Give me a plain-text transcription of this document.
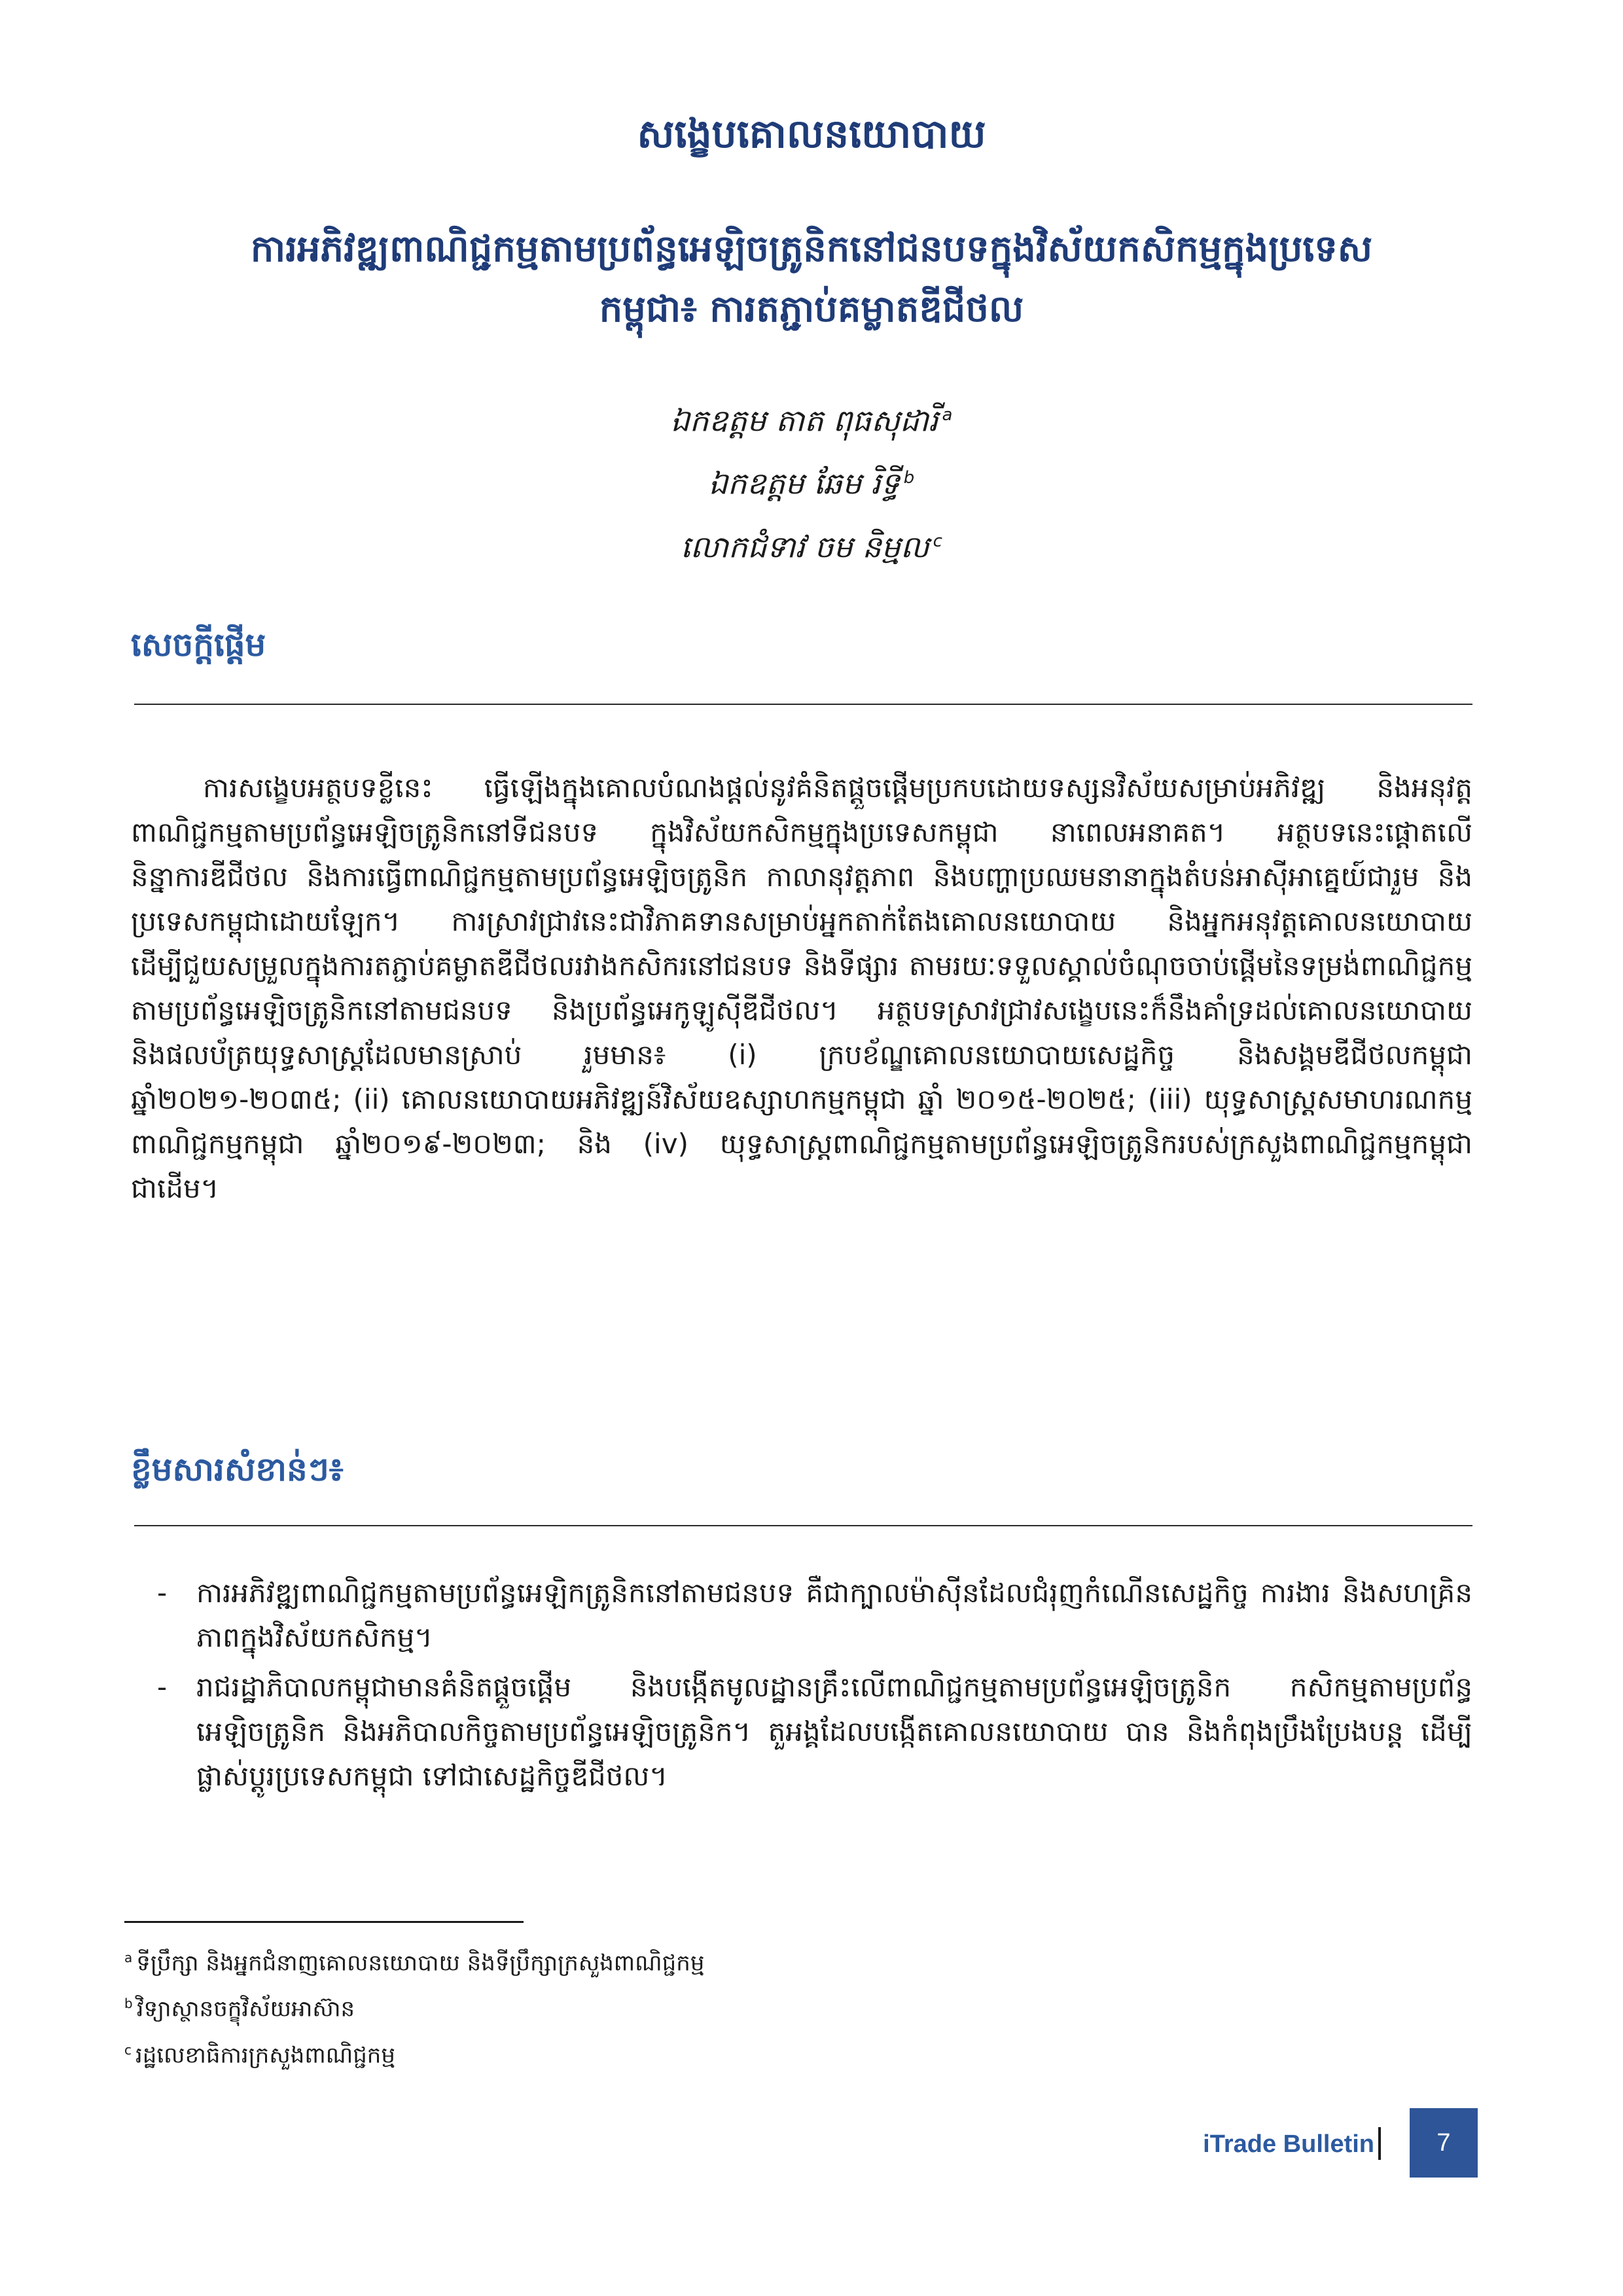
សង្ខេបគោលនយោបាយ
ការអភិវឌ្ឍពាណិជ្ជកម្មតាមប្រព័ន្ធអេឡិចត្រូនិកនៅជនបទក្នុងវិស័យកសិកម្មក្នុងប្រទេស
កម្ពុជា៖ ការតភ្ជាប់គម្លាតឌីជីថល
ឯកឧត្តម តាត ពុធសុដារី $^a$
ឯកឧត្តម ឆែម រិទ្ធី $^b$
លោកជំទាវ ចម និម្មល $^c$
សេចក្តីផ្តើម

ការសង្ខេបអត្ថបទខ្លីនេះ ធ្វើឡើងក្នុងគោលបំណងផ្តល់នូវគំនិតផ្តួចផ្តើមប្រកបដោយទស្សនវិស័យសម្រាប់អភិវឌ្ឍ និងអនុវត្តពាណិជ្ជកម្មតាមប្រព័ន្ធអេឡិចត្រូនិកនៅទីជនបទ ក្នុងវិស័យកសិកម្មក្នុងប្រទេសកម្ពុជា នាពេលអនាគត។ អត្ថបទនេះផ្តោតលើនិន្នាការឌីជីថល និងការធ្វើពាណិជ្ជកម្មតាមប្រព័ន្ធអេឡិចត្រូនិក កាលានុវត្តភាព និងបញ្ហាប្រឈមនានាក្នុងតំបន់អាស៊ីអាគ្នេយ៍ជារួម និងប្រទេសកម្ពុជាដោយឡែក។ ការស្រាវជ្រាវនេះជាវិភាគទានសម្រាប់អ្នកតាក់តែងគោលនយោបាយ និងអ្នកអនុវត្តគោលនយោបាយ ដើម្បីជួយសម្រួលក្នុងការតភ្ជាប់គម្លាតឌីជីថលរវាងកសិករនៅជនបទ និងទីផ្សារ តាមរយៈទទួលស្គាល់ចំណុចចាប់ផ្តើមនៃទម្រង់ពាណិជ្ជកម្មតាមប្រព័ន្ធអេឡិចត្រូនិកនៅតាមជនបទ និងប្រព័ន្ធអេកូឡូស៊ីឌីជីថល។ អត្ថបទស្រាវជ្រាវសង្ខេបនេះក៏នឹងគាំទ្រដល់គោលនយោបាយ និងផលប័ត្រយុទ្ធសាស្ត្រដែលមានស្រាប់ រួមមាន៖ (i) ក្របខ័ណ្ឌគោលនយោបាយសេដ្ឋកិច្ច និងសង្គមឌីជីថលកម្ពុជា ឆ្នាំ២០២១-២០៣៥; (ii) គោលនយោបាយអភិវឌ្ឍន៍វិស័យឧស្សាហកម្មកម្ពុជា ឆ្នាំ ២០១៥-២០២៥; (iii) យុទ្ធសាស្ត្រសមាហរណកម្មពាណិជ្ជកម្មកម្ពុជា ឆ្នាំ២០១៩-២០២៣; និង (iv) យុទ្ធសាស្ត្រពាណិជ្ជកម្មតាមប្រព័ន្ធអេឡិចត្រូនិករបស់ក្រសួងពាណិជ្ជកម្មកម្ពុជា ជាដើម។

ខ្លឹមសារសំខាន់ៗ៖
- ការអភិវឌ្ឍពាណិជ្ជកម្មតាមប្រព័ន្ធអេឡិកត្រូនិកនៅតាមជនបទ គឺជាក្បាលម៉ាស៊ីនដែលជំរុញកំណើនសេដ្ឋកិច្ច ការងារ និងសហគ្រិនភាពក្នុងវិស័យកសិកម្ម។
- រាជរដ្ឋាភិបាលកម្ពុជាមានគំនិតផ្តួចផ្តើម និងបង្កើតមូលដ្ឋានគ្រឹះលើពាណិជ្ជកម្មតាមប្រព័ន្ធអេឡិចត្រូនិក កសិកម្មតាមប្រព័ន្ធអេឡិចត្រូនិក និងអភិបាលកិច្ចតាមប្រព័ន្ធអេឡិចត្រូនិក។ តួអង្គដែលបង្កើតគោលនយោបាយ បាន និងកំពុងប្រឹងប្រែងបន្ត ដើម្បីផ្លាស់ប្តូរប្រទេសកម្ពុជា ទៅជាសេដ្ឋកិច្ចឌីជីថល។
$^a$ ទីប្រឹក្សា និងអ្នកជំនាញគោលនយោបាយ និងទីប្រឹក្សាក្រសួងពាណិជ្ជកម្ម
$^b$ វិទ្យាស្ថានចក្ខុវិស័យអាស៊ាន
$^c$ រដ្ឋលេខាធិការក្រសួងពាណិជ្ជកម្ម
iTrade Bulletin	7
